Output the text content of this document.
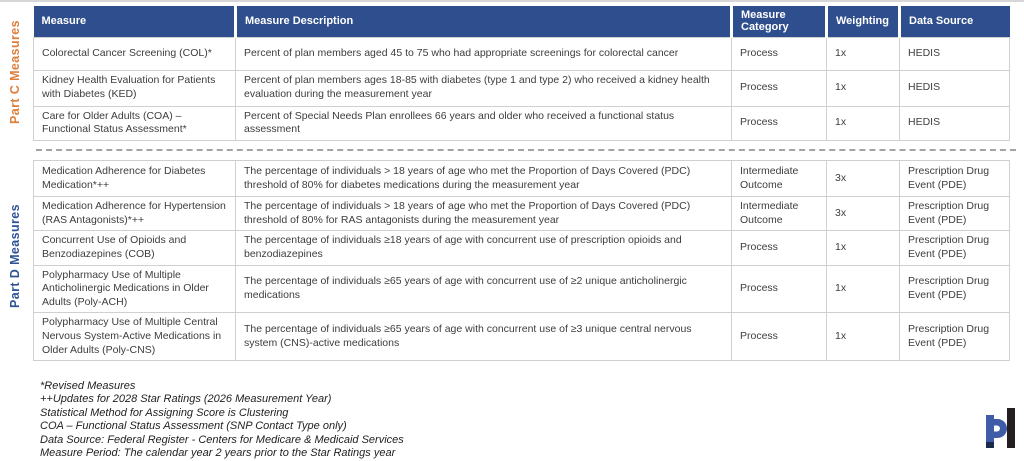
Part C Measures	Measure	Measure Description	Measure Category	Weighting	Data Source
Colorectal Cancer Screening (COL)*	Percent of plan members aged 45 to 75 who had appropriate screenings for colorectal cancer	Process	1x	HEDIS
Kidney Health Evaluation for Patients with Diabetes (KED)	Percent of plan members ages 18-85 with diabetes (type 1 and type 2) who received a kidney health evaluation during the measurement year	Process	1x	HEDIS
Care for Older Adults (COA) – Functional Status Assessment*	Percent of Special Needs Plan enrollees 66 years and older who received a functional status assessment	Process	1x	HEDIS
Part D Measures
Medication Adherence for Diabetes Medication*++	The percentage of individuals > 18 years of age who met the Proportion of Days Covered (PDC) threshold of 80% for diabetes medications during the measurement year	Intermediate Outcome	3x	Prescription Drug Event (PDE)
Medication Adherence for Hypertension (RAS Antagonists)*++	The percentage of individuals > 18 years of age who met the Proportion of Days Covered (PDC) threshold of 80% for RAS antagonists during the measurement year	Intermediate Outcome	3x	Prescription Drug Event (PDE)
Concurrent Use of Opioids and Benzodiazepines (COB)	The percentage of individuals ≥18 years of age with concurrent use of prescription opioids and benzodiazepines	Process	1x	Prescription Drug Event (PDE)
Polypharmacy Use of Multiple Anticholinergic Medications in Older Adults (Poly-ACH)	The percentage of individuals ≥65 years of age with concurrent use of ≥2 unique anticholinergic medications	Process	1x	Prescription Drug Event (PDE)
Polypharmacy Use of Multiple Central Nervous System-Active Medications in Older Adults (Poly-CNS)	The percentage of individuals ≥65 years of age with concurrent use of ≥3 unique central nervous system (CNS)-active medications	Process	1x	Prescription Drug Event (PDE)
*Revised Measures
++Updates for 2028 Star Ratings (2026 Measurement Year)
Statistical Method for Assigning Score is Clustering
COA – Functional Status Assessment (SNP Contact Type only)
Data Source: Federal Register - Centers for Medicare & Medicaid Services
Measure Period: The calendar year 2 years prior to the Star Ratings year
